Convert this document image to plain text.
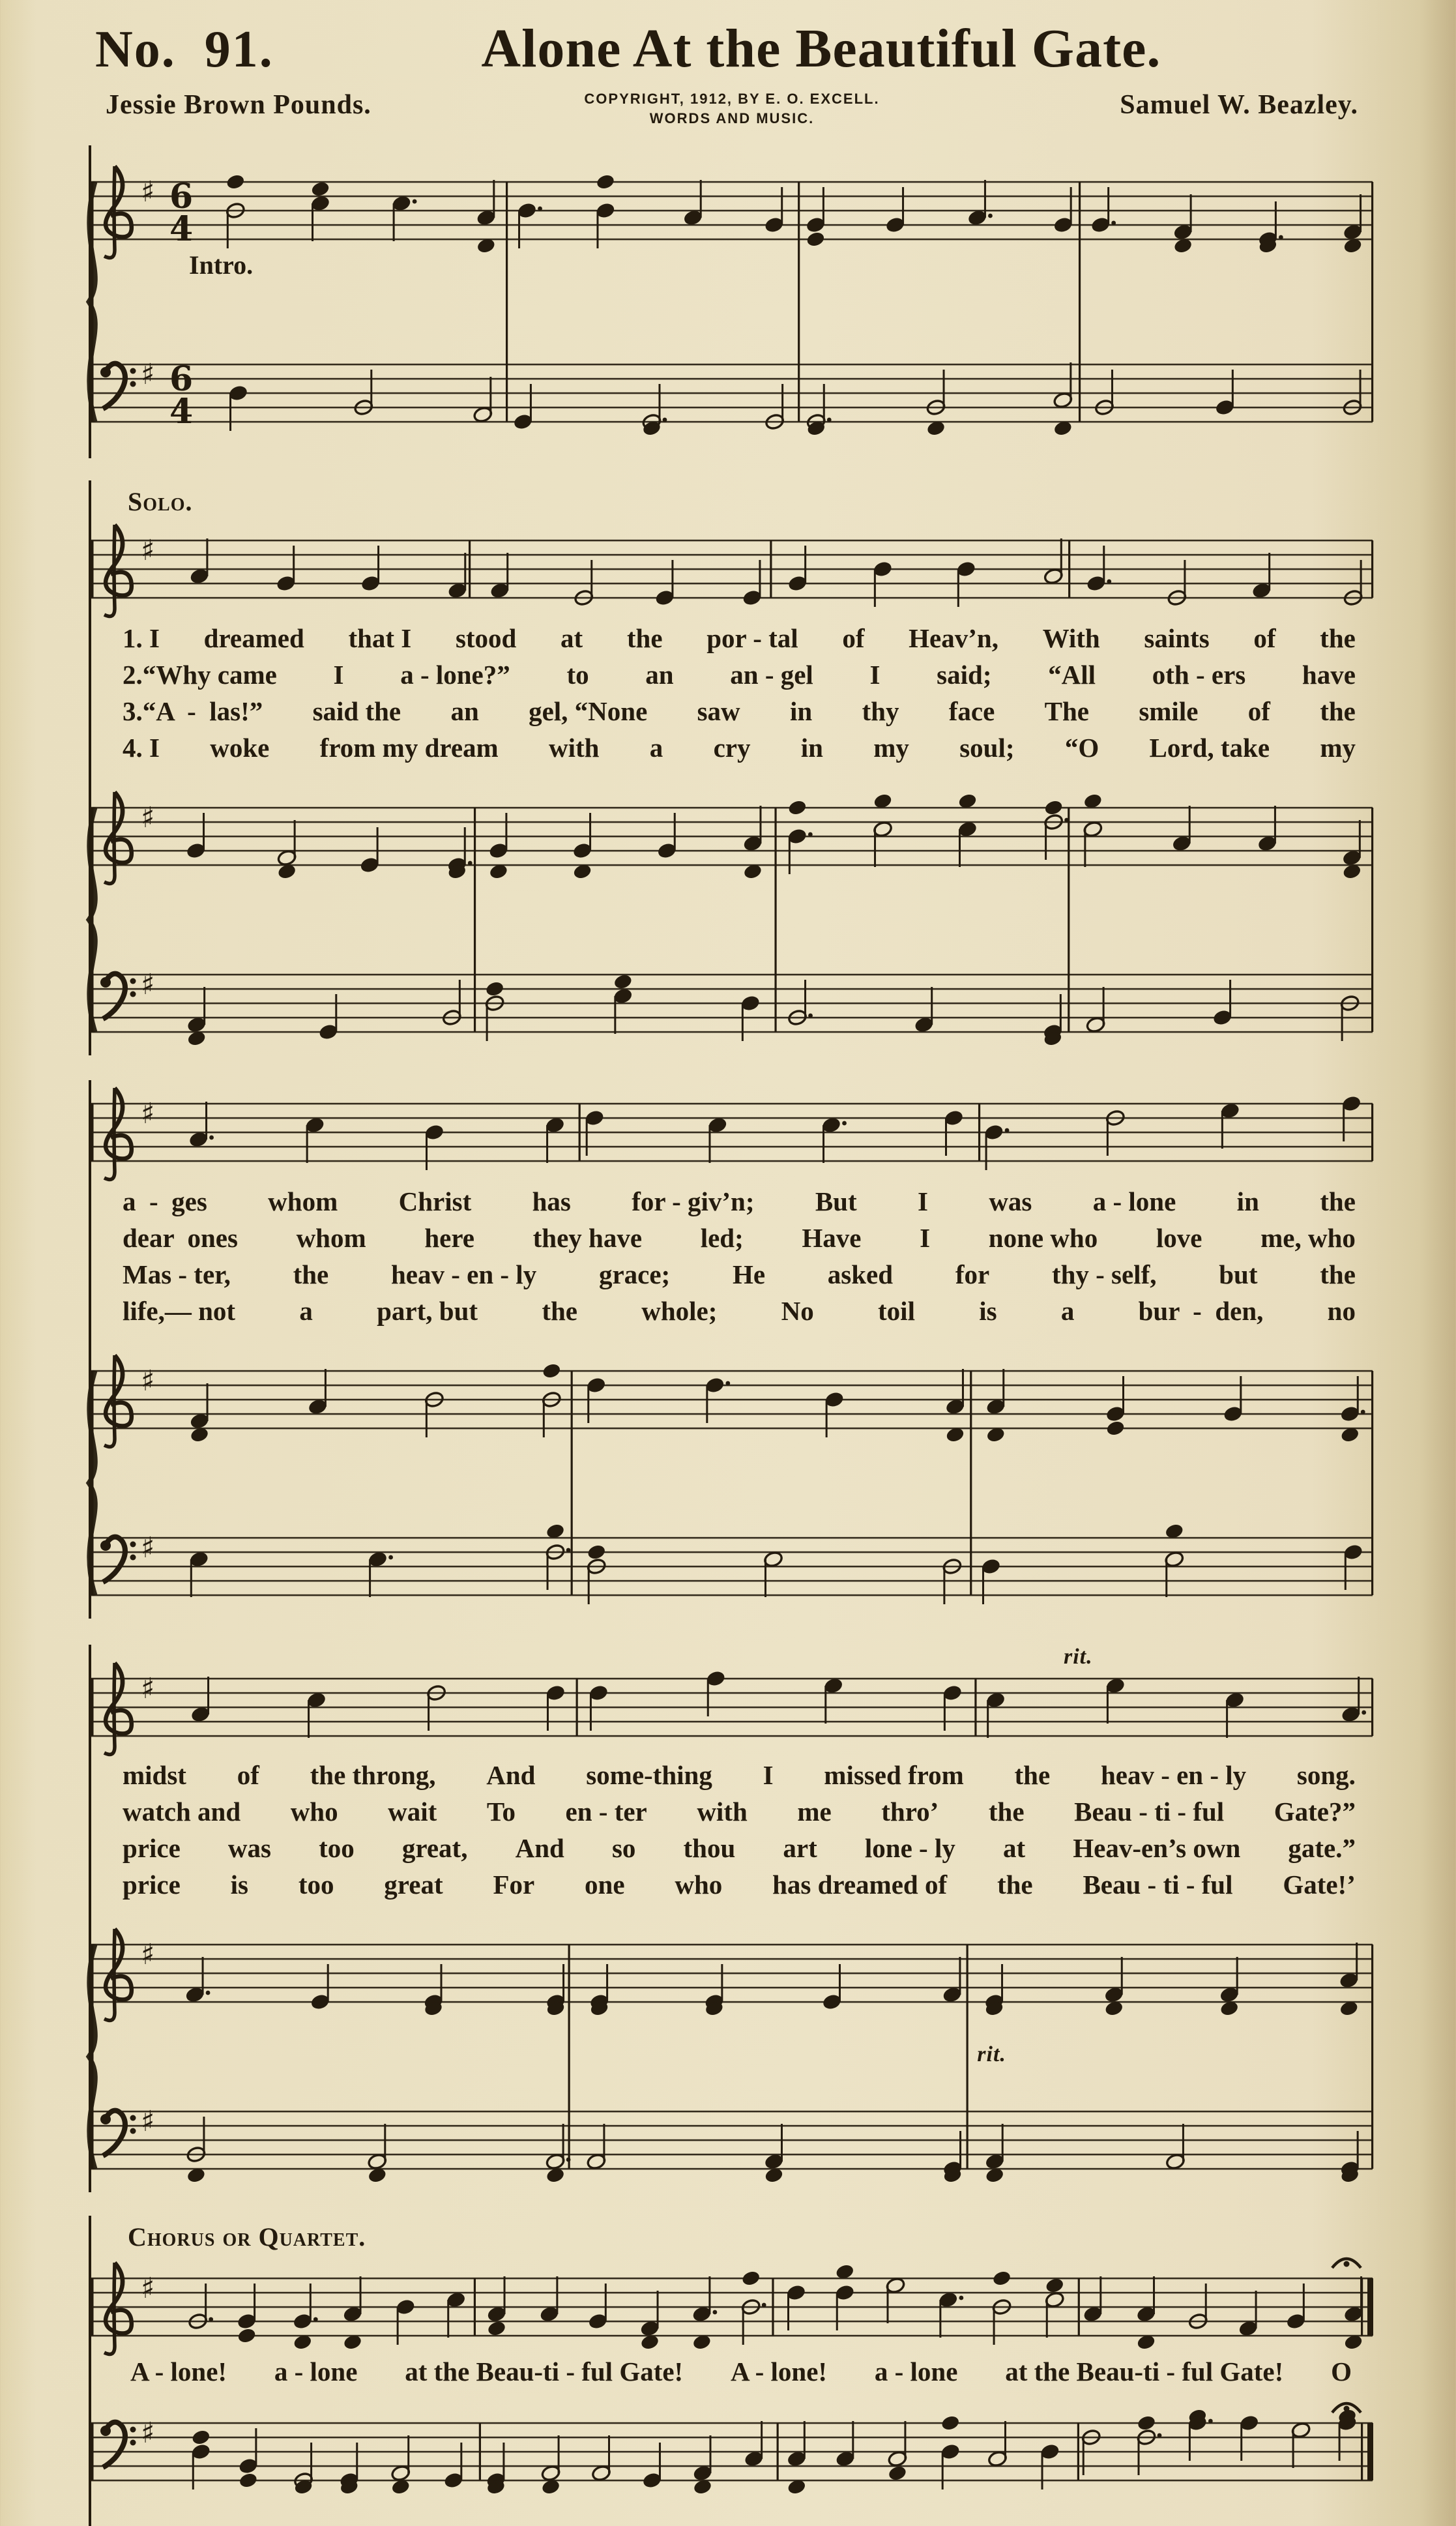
No.  91.	Alone At the Beautiful Gate.
Jessie Brown Pounds.	COPYRIGHT, 1912, BY E. O. EXCELL.
WORDS AND MUSIC.	Samuel W. Beazley.
♯ 6
4
♯ 6
4
Intro.
Solo.
♯
1. I dreamed that I stood at the por - tal of Heav’n, With saints of the
2.“Why came I a - lone?” to an an - gel I said; “All oth - ers have
3.“A  -  las!” said the an gel, “None saw in thy face The smile of the
4. I woke from my dream with a cry in my soul; “O Lord, take my
♯
♯
♯
a  -  ges whom Christ has for - giv’n; But I was a - lone in the
dear  ones whom here they have led; Have I none who love me, who
Mas - ter, the heav - en - ly grace; He asked for thy - self, but the
life,— not a part, but the whole; No toil is a bur  -  den, no
♯
♯
rit.
♯
midst of the throng, And some-thing I missed from the heav - en - ly song.
watch and who wait To en - ter with me thro’ the Beau - ti - ful Gate?”
price was too great, And so thou art lone - ly at Heav-en’s own gate.”
price is too great For one who has dreamed of the Beau - ti - ful Gate!’
rit.
♯
♯
Chorus or Quartet.
♯
A - lone! a - lone at the Beau-ti - ful Gate! A - lone! a - lone at the Beau-ti - ful Gate! O
♯
